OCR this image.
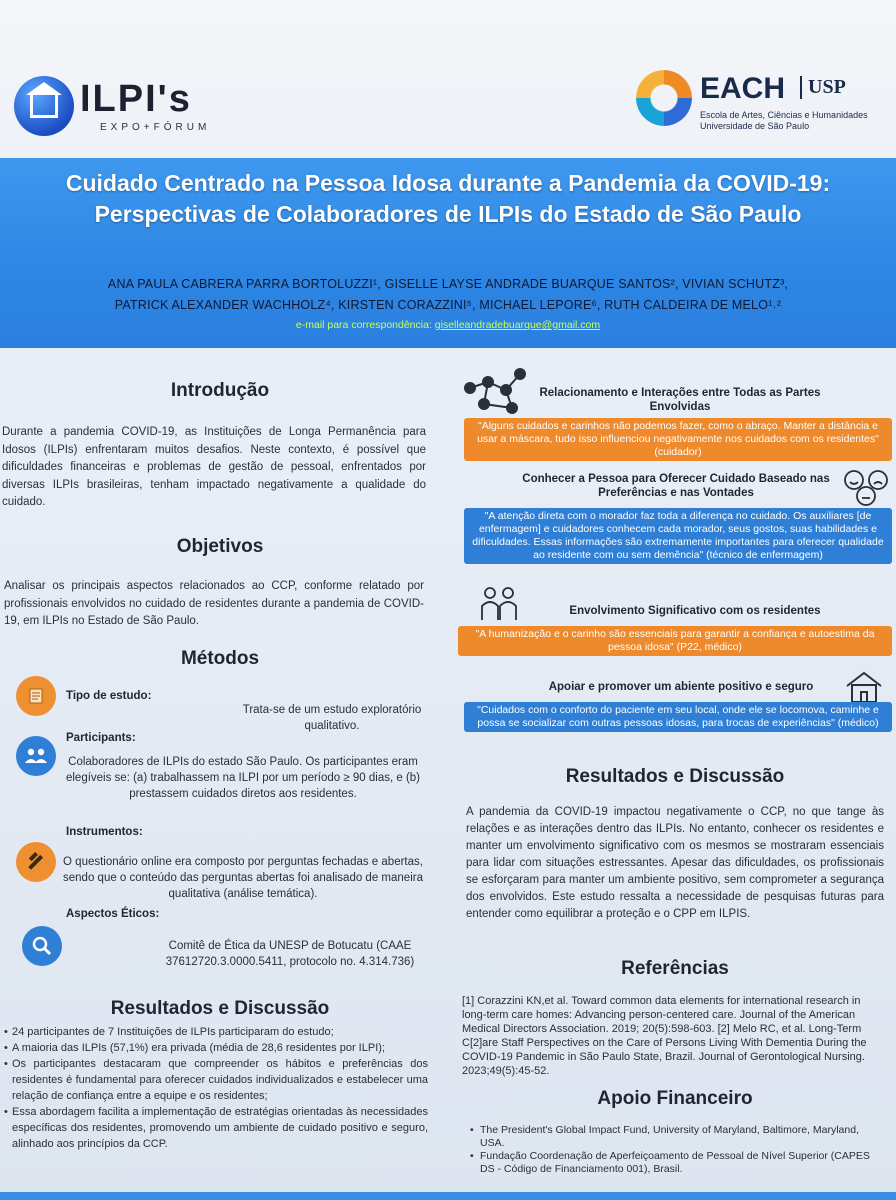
ILPI's
EXPO+FÓRUM
EACH	USP
Escola de Artes, Ciências e Humanidades Universidade de São Paulo
Cuidado Centrado na Pessoa Idosa durante a Pandemia da COVID-19:
Perspectivas de Colaboradores de ILPIs do Estado de São Paulo
ANA PAULA CABRERA PARRA BORTOLUZZI¹, GISELLE LAYSE ANDRADE BUARQUE SANTOS², VIVIAN SCHUTZ³,
PATRICK ALEXANDER WACHHOLZ⁴, KIRSTEN CORAZZINI⁵, MICHAEL LEPORE⁶, RUTH CALDEIRA DE MELO¹˒²
e-mail para correspondência: giselleandradebuarque@gmail.com
Introdução
Durante a pandemia COVID-19, as Instituições de Longa Permanência para Idosos (ILPIs) enfrentaram muitos desafios. Neste contexto, é possível que dificuldades financeiras e problemas de gestão de pessoal, enfrentados por diversas ILPIs brasileiras, tenham impactado negativamente a qualidade do cuidado.
Objetivos
Analisar os principais aspectos relacionados ao CCP, conforme relatado por profissionais envolvidos no cuidado de residentes durante a pandemia de COVID-19, em ILPIs no Estado de São Paulo.
Métodos
Tipo de estudo:
Trata-se de um estudo exploratório qualitativo.
Participants:
Colaboradores de ILPIs do estado São Paulo. Os participantes eram elegíveis se: (a) trabalhassem na ILPI por um período ≥ 90 dias, e (b) prestassem cuidados diretos aos residentes.
Instrumentos:
O questionário online era composto por perguntas fechadas e abertas, sendo que o conteúdo das perguntas abertas foi analisado de maneira qualitativa (análise temática).
Aspectos Éticos:
Comitê de Ética da UNESP de Botucatu (CAAE 37612720.3.0000.5411, protocolo no. 4.314.736)
Resultados e Discussão
• 24 participantes de 7 Instituições de ILPIs participaram do estudo;
• A maioria das ILPIs (57,1%) era privada (média de 28,6 residentes por ILPI);
• Os participantes destacaram que compreender os hábitos e preferências dos residentes é fundamental para oferecer cuidados individualizados e estabelecer uma relação de confiança entre a equipe e os residentes;
• Essa abordagem facilita a implementação de estratégias orientadas às necessidades específicas dos residentes, promovendo um ambiente de cuidado positivo e seguro, alinhado aos princípios da CCP.
Relacionamento e Interações entre Todas as Partes Envolvidas
"Alguns cuidados e carinhos não podemos fazer, como o abraço. Manter a distância e usar a máscara, tudo isso influenciou negativamente nos cuidados com os residentes" (cuidador)
Conhecer a Pessoa para Oferecer Cuidado Baseado nas Preferências e nas Vontades
"A atenção direta com o morador faz toda a diferença no cuidado. Os auxiliares [de enfermagem] e cuidadores conhecem cada morador, seus gostos, suas habilidades e dificuldades. Essas informações são extremamente importantes para oferecer qualidade ao residente com ou sem demência" (técnico de enfermagem)
Envolvimento Significativo com os residentes
"A humanização e o carinho são essenciais para garantir a confiança e autoestima da pessoa idosa" (P22, médico)
Apoiar e promover um abiente positivo e seguro
"Cuidados com o conforto do paciente em seu local, onde ele se locomova, caminhe e possa se socializar com outras pessoas idosas, para trocas de experiências" (médico)
Resultados e Discussão
A pandemia da COVID-19 impactou negativamente o CCP, no que tange às relações e as interações dentro das ILPIs. No entanto, conhecer os residentes e manter um envolvimento significativo com os mesmos se mostraram essenciais para lidar com situações estressantes. Apesar das dificuldades, os profissionais se esforçaram para manter um ambiente positivo, sem comprometer a segurança dos envolvidos. Este estudo ressalta a necessidade de pesquisas futuras para entender como equilibrar a proteção e o CPP em ILPIS.
Referências
[1] Corazzini KN,et al. Toward common data elements for international research in long-term care homes: Advancing person-centered care. Journal of the American Medical Directors Association. 2019; 20(5):598-603. [2] Melo RC, et al. Long-Term C[2]are Staff Perspectives on the Care of Persons Living With Dementia During the COVID-19 Pandemic in São Paulo State, Brazil. Journal of Gerontological Nursing. 2023;49(5):45-52.
Apoio Financeiro
• The President's Global Impact Fund, University of Maryland, Baltimore, Maryland, USA.
• Fundação Coordenação de Aperfeiçoamento de Pessoal de Nível Superior (CAPES DS - Código de Financiamento 001), Brasil.
